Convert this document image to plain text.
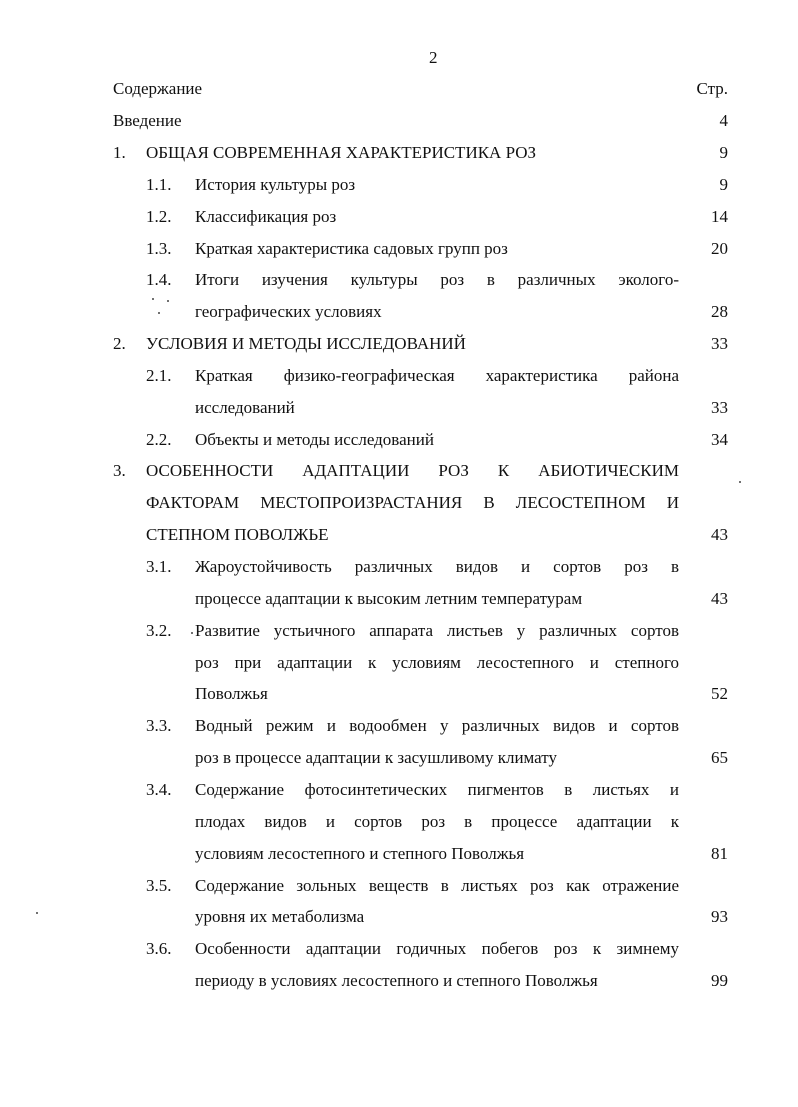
2
Содержание	Стр.
Введение	4
1. ОБЩАЯ СОВРЕМЕННАЯ ХАРАКТЕРИСТИКА РОЗ	9
1.1. История культуры роз	9
1.2. Классификация роз	14
1.3. Краткая характеристика садовых групп роз	20
1.4. Итоги изучения культуры роз в различных эколого-
географических условиях	28
2. УСЛОВИЯ И МЕТОДЫ ИССЛЕДОВАНИЙ	33
2.1. Краткая физико-географическая характеристика района
исследований	33
2.2. Объекты и методы исследований	34
3. ОСОБЕННОСТИ АДАПТАЦИИ РОЗ К АБИОТИЧЕСКИМ
ФАКТОРАМ МЕСТОПРОИЗРАСТАНИЯ В ЛЕСОСТЕПНОМ И
СТЕПНОМ ПОВОЛЖЬЕ	43
3.1. Жароустойчивость различных видов и сортов роз в
процессе адаптации к высоким летним температурам	43
3.2. Развитие устьичного аппарата листьев у различных сортов
роз при адаптации к условиям лесостепного и степного
Поволжья	52
3.3. Водный режим и водообмен у различных видов и сортов
роз в процессе адаптации к засушливому климату	65
3.4. Содержание фотосинтетических пигментов в листьях и
плодах видов и сортов роз в процессе адаптации к
условиям лесостепного и степного Поволжья	81
3.5. Содержание зольных веществ в листьях роз как отражение
уровня их метаболизма	93
3.6. Особенности адаптации годичных побегов роз к зимнему
периоду в условиях лесостепного и степного Поволжья	99
